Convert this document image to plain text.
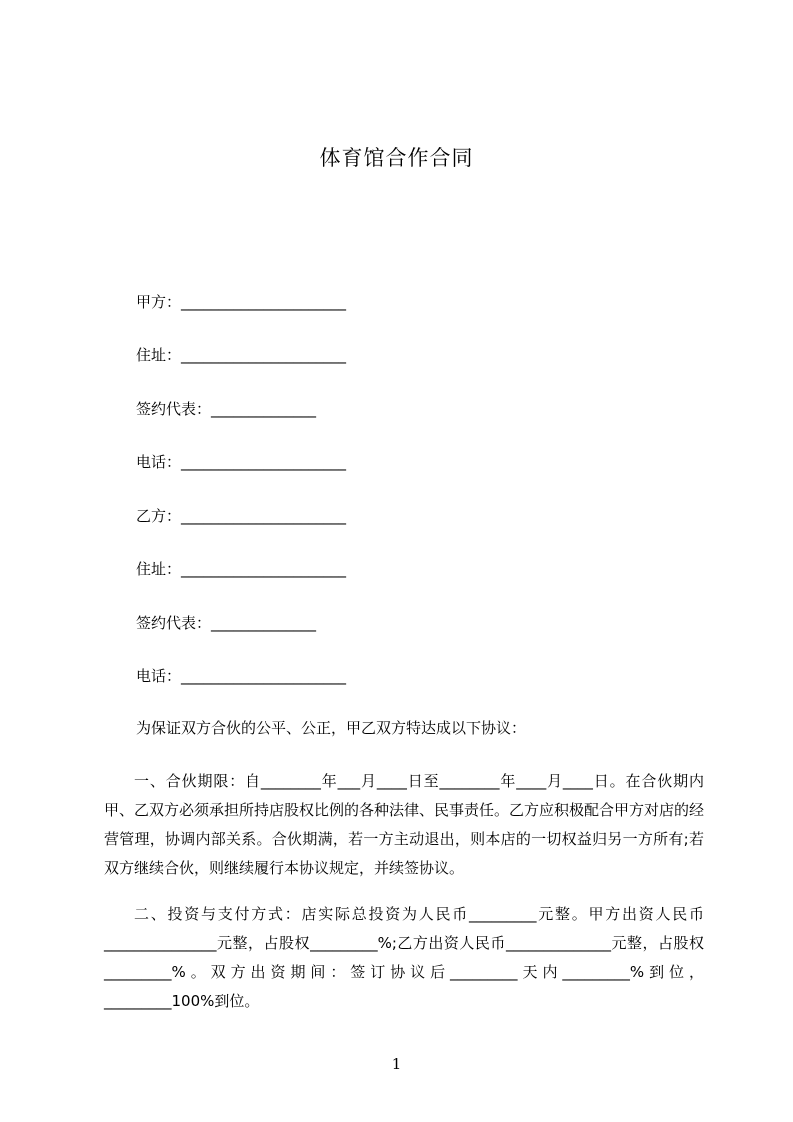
体育馆合作合同
甲方：______________________
住址：______________________
签约代表：______________
电话：______________________
乙方：______________________
住址：______________________
签约代表：______________
电话：______________________
为保证双方合伙的公平、公正，甲乙双方特达成以下协议：
一、合伙期限：自________年___月____日至________年____月____日。在合伙期内甲、乙双方必须承担所持店股权比例的各种法律、民事责任。乙方应积极配合甲方对店的经营管理，协调内部关系。合伙期满，若一方主动退出，则本店的一切权益归另一方所有;若双方继续合伙，则继续履行本协议规定，并续签协议。
二、投资与支付方式：店实际总投资为人民币_________元整。甲方出资人民币_______________元整，占股权_________%;乙方出资人民币______________元整，占股权_________%。双方出资期间：签订协议后_________天内_________%到位，_________100%到位。
1
